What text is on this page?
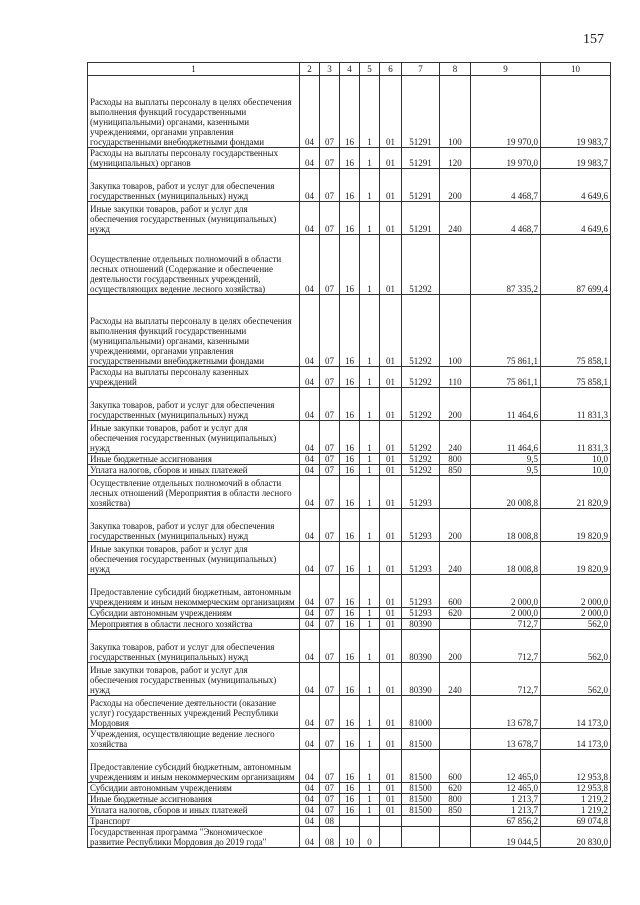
157
1	2	3	4	5	6	7	8	9	10
Расходы на выплаты персоналу в целях обеспечения выполнения функций государственными (муниципальными) органами, казенными учреждениями, органами управления государственными внебюджетными фондами	04	07	16	1	01	51291	100	19 970,0	19 983,7
Расходы на выплаты персоналу государственных (муниципальных) органов	04	07	16	1	01	51291	120	19 970,0	19 983,7
Закупка товаров, работ и услуг для обеспечения государственных (муниципальных) нужд	04	07	16	1	01	51291	200	4 468,7	4 649,6
Иные закупки товаров, работ и услуг для обеспечения государственных (муниципальных) нужд	04	07	16	1	01	51291	240	4 468,7	4 649,6
Осуществление отдельных полномочий в области лесных отношений (Содержание и обеспечение деятельности государственных учреждений, осуществляющих ведение лесного хозяйства)	04	07	16	1	01	51292		87 335,2	87 699,4
Расходы на выплаты персоналу в целях обеспечения выполнения функций государственными (муниципальными) органами, казенными учреждениями, органами управления государственными внебюджетными фондами	04	07	16	1	01	51292	100	75 861,1	75 858,1
Расходы на выплаты персоналу казенных учреждений	04	07	16	1	01	51292	110	75 861,1	75 858,1
Закупка товаров, работ и услуг для обеспечения государственных (муниципальных) нужд	04	07	16	1	01	51292	200	11 464,6	11 831,3
Иные закупки товаров, работ и услуг для обеспечения государственных (муниципальных) нужд	04	07	16	1	01	51292	240	11 464,6	11 831,3
Иные бюджетные ассигнования	04	07	16	1	01	51292	800	9,5	10,0
Уплата налогов, сборов и иных платежей	04	07	16	1	01	51292	850	9,5	10,0
Осуществление отдельных полномочий в области лесных отношений (Мероприятия в области лесного хозяйства)	04	07	16	1	01	51293		20 008,8	21 820,9
Закупка товаров, работ и услуг для обеспечения государственных (муниципальных) нужд	04	07	16	1	01	51293	200	18 008,8	19 820,9
Иные закупки товаров, работ и услуг для обеспечения государственных (муниципальных) нужд	04	07	16	1	01	51293	240	18 008,8	19 820,9
Предоставление субсидий бюджетным, автономным учреждениям и иным некоммерческим организациям	04	07	16	1	01	51293	600	2 000,0	2 000,0
Субсидии автономным учреждениям	04	07	16	1	01	51293	620	2 000,0	2 000,0
Мероприятия в области лесного хозяйства	04	07	16	1	01	80390		712,7	562,0
Закупка товаров, работ и услуг для обеспечения государственных (муниципальных) нужд	04	07	16	1	01	80390	200	712,7	562,0
Иные закупки товаров, работ и услуг для обеспечения государственных (муниципальных) нужд	04	07	16	1	01	80390	240	712,7	562,0
Расходы на обеспечение деятельности (оказание услуг) государственных учреждений Республики Мордовия	04	07	16	1	01	81000		13 678,7	14 173,0
Учреждения, осуществляющие ведение лесного хозяйства	04	07	16	1	01	81500		13 678,7	14 173,0
Предоставление субсидий бюджетным, автономным учреждениям и иным некоммерческим организациям	04	07	16	1	01	81500	600	12 465,0	12 953,8
Субсидии автономным учреждениям	04	07	16	1	01	81500	620	12 465,0	12 953,8
Иные бюджетные ассигнования	04	07	16	1	01	81500	800	1 213,7	1 219,2
Уплата налогов, сборов и иных платежей	04	07	16	1	01	81500	850	1 213,7	1 219,2
Транспорт	04	08						67 856,2	69 074,8
Государственная программа "Экономическое развитие Республики Мордовия до 2019 года"	04	08	10	0				19 044,5	20 830,0
